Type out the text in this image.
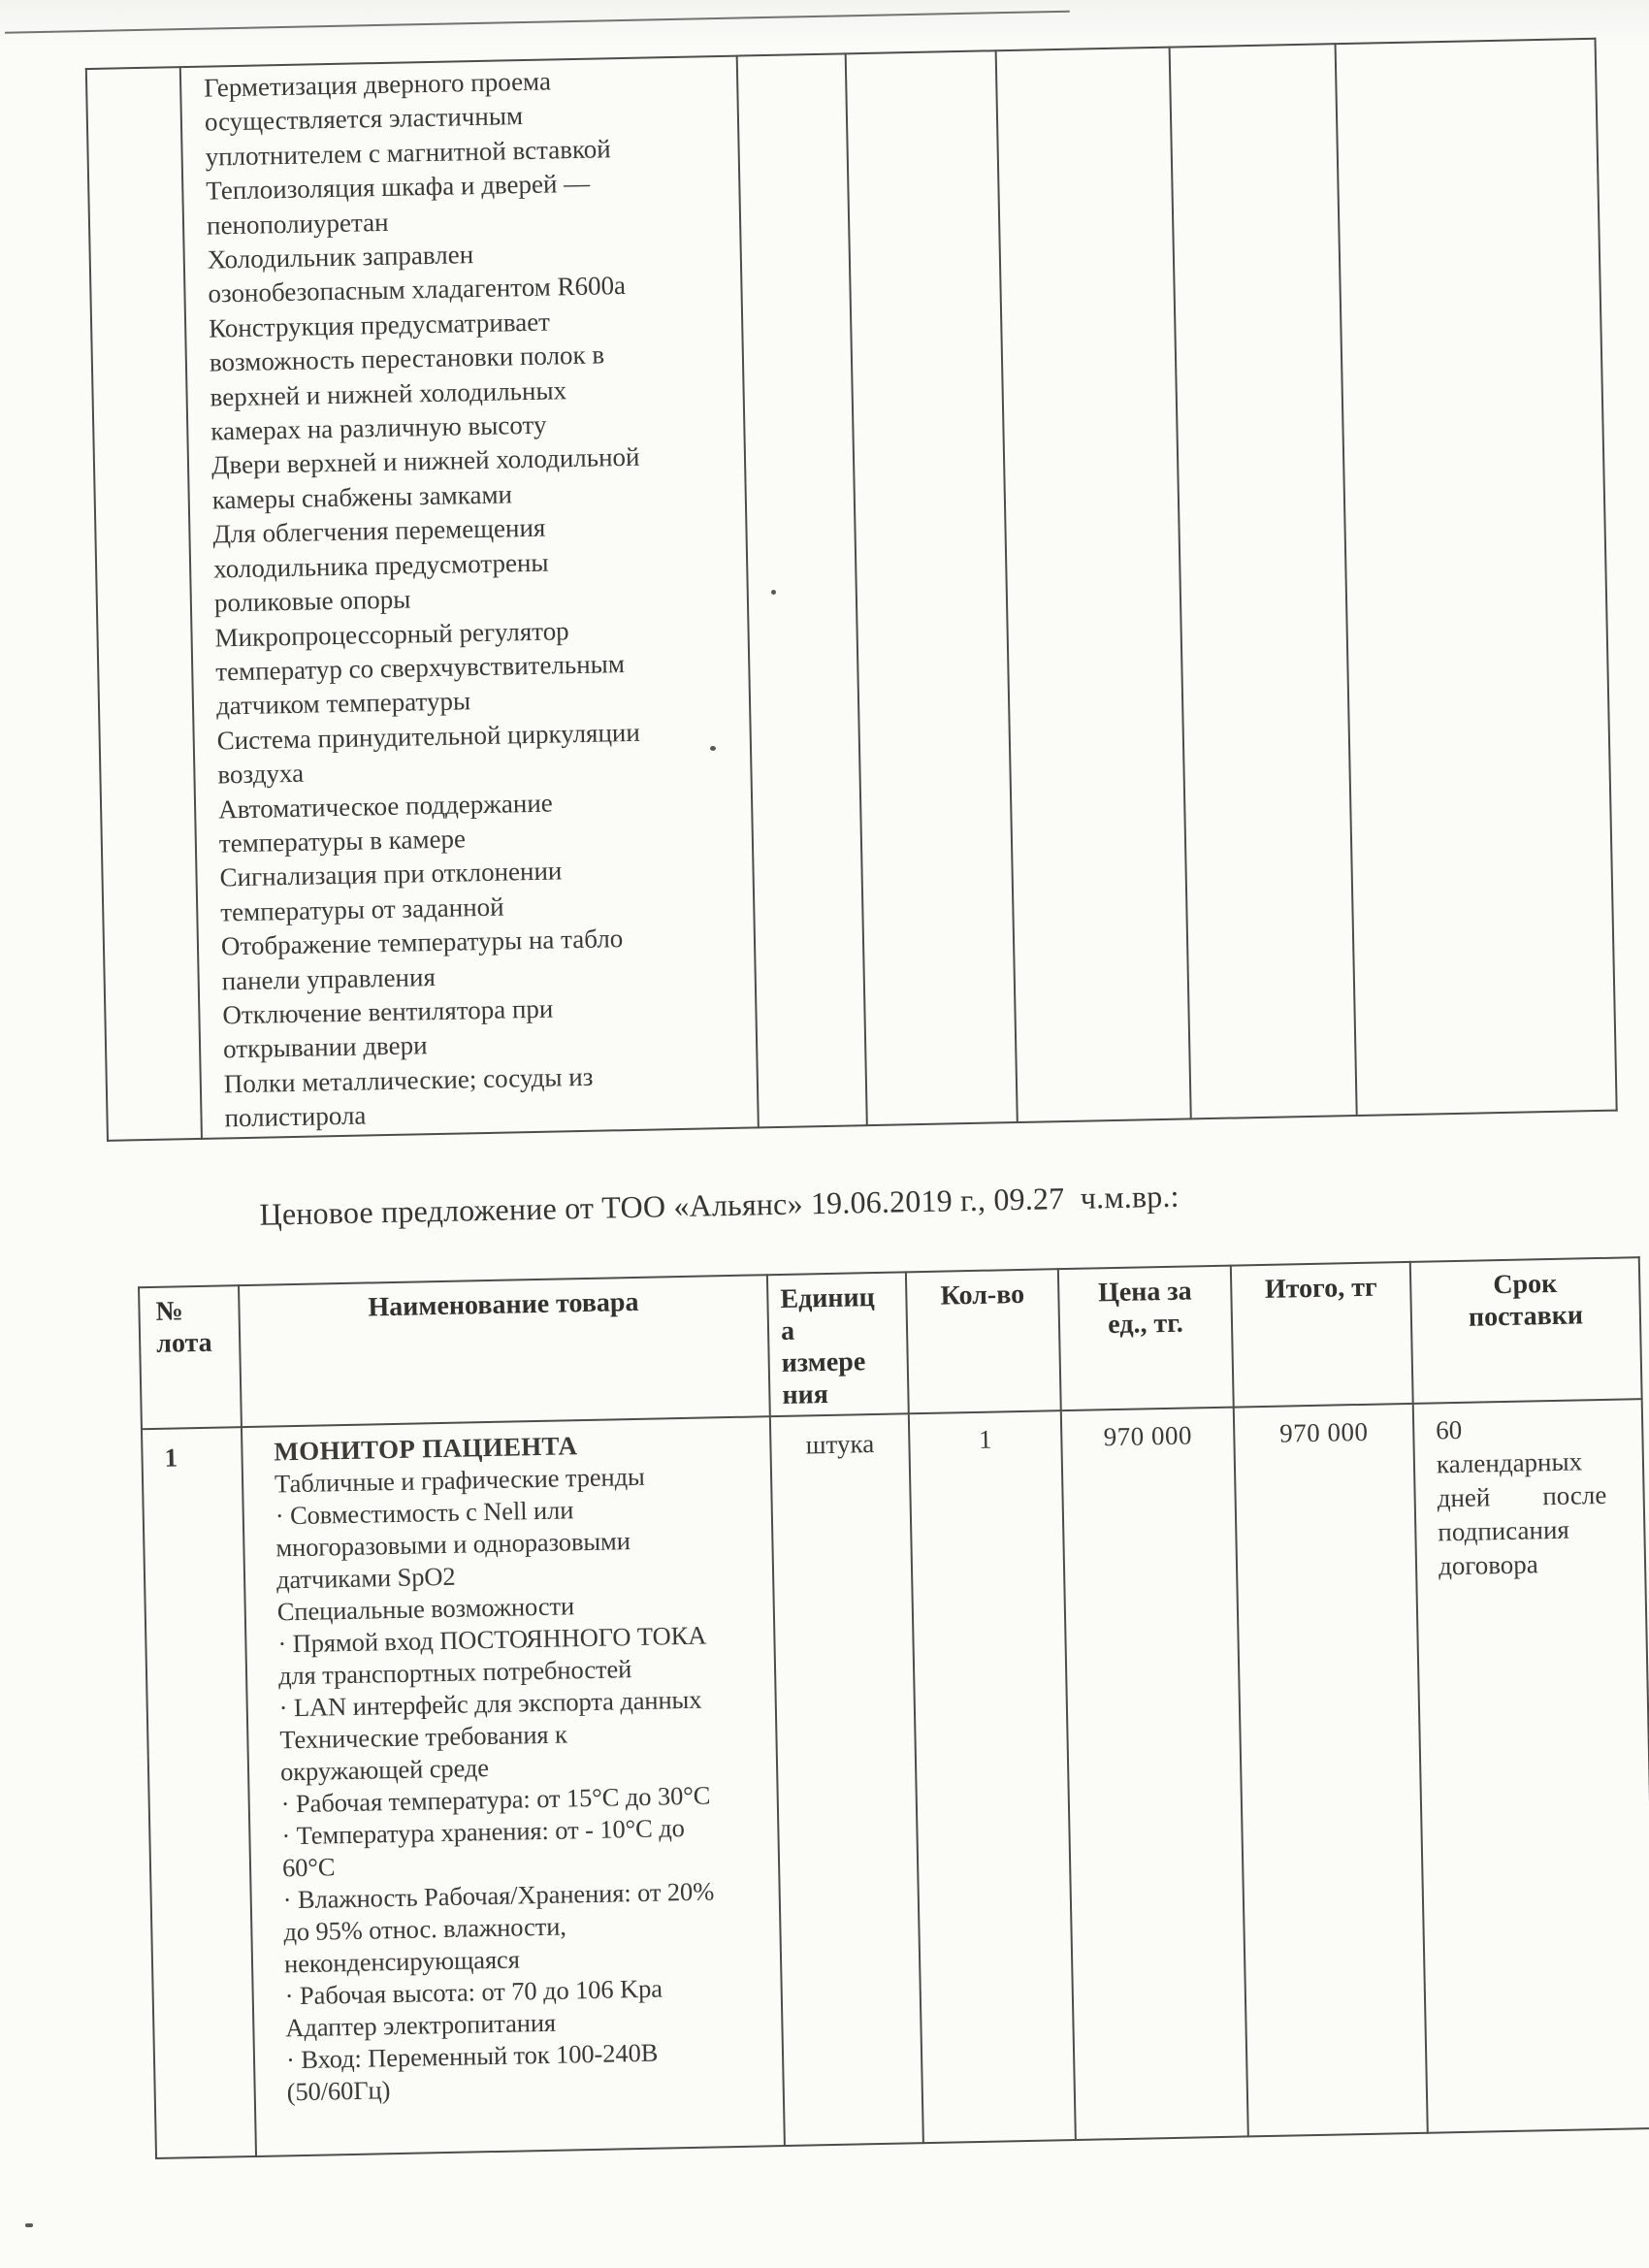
Герметизация дверного проема
осуществляется эластичным
уплотнителем с магнитной вставкой
Теплоизоляция шкафа и дверей —
пенополиуретан
Холодильник заправлен
озонобезопасным хладагентом R600a
Конструкция предусматривает
возможность перестановки полок в
верхней и нижней холодильных
камерах на различную высоту
Двери верхней и нижней холодильной
камеры снабжены замками
Для облегчения перемещения
холодильника предусмотрены
роликовые опоры
Микропроцессорный регулятор
температур со сверхчувствительным
датчиком температуры
Система принудительной циркуляции
воздуха
Автоматическое поддержание
температуры в камере
Сигнализация при отклонении
температуры от заданной
Отображение температуры на табло
панели управления
Отключение вентилятора при
открывании двери
Полки металлические; сосуды из
полистирола

Ценовое предложение от ТОО «Альянс» 19.06.2019 г., 09.27  ч.м.вр.:
№
лота	Наименование товара	Единиц
а
измере
ния	Кол-во	Цена за
ед., тг.	Итого, тг	Срок
поставки
1	МОНИТОР ПАЦИЕНТА
Табличные и графические тренды
· Совместимость с Nell или
многоразовыми и одноразовыми
датчиками SpO2
Специальные возможности
· Прямой вход ПОСТОЯННОГО ТОКА
для транспортных потребностей
· LAN интерфейс для экспорта данных
Технические требования к
окружающей среде
· Рабочая температура: от 15°C до 30°C
· Температура хранения: от - 10°C до
60°C
· Влажность Рабочая/Хранения: от 20%
до 95% относ. влажности,
неконденсирующаяся
· Рабочая высота: от 70 до 106 Kpa
Адаптер электропитания
· Вход: Переменный ток 100-240В
(50/60Гц)
	штука	1	970 000	970 000	60
календарных
дней        после
подписания
договора
